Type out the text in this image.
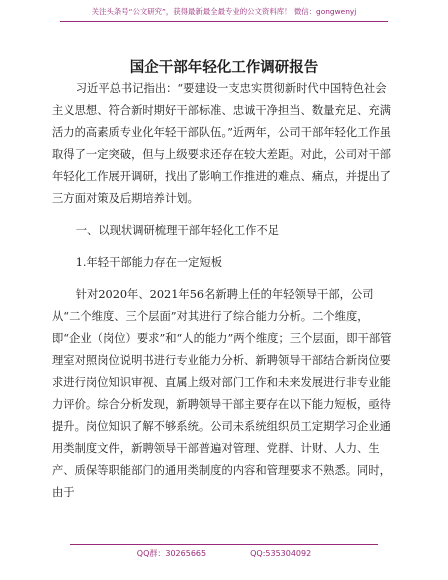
关注头条号“公文研究”，获得最新最全最专业的公文资料库！ 微信：gongwenyj
国企干部年轻化工作调研报告

习近平总书记指出：“要建设一支忠实贯彻新时代中国特色社会主义思想、符合新时期好干部标准、忠诚干净担当、数量充足、充满活力的高素质专业化年轻干部队伍。”近两年，公司干部年轻化工作虽取得了一定突破，但与上级要求还存在较大差距。对此，公司对干部年轻化工作展开调研，找出了影响工作推进的难点、痛点，并提出了三方面对策及后期培养计划。

一、以现状调研梳理干部年轻化工作不足

1.年轻干部能力存在一定短板

针对2020年、2021年56名新聘上任的年轻领导干部，公司从“二个维度、三个层面”对其进行了综合能力分析。二个维度，即“企业（岗位）要求”和“人的能力”两个维度；三个层面，即干部管理室对照岗位说明书进行专业能力分析、新聘领导干部结合新岗位要求进行岗位知识审视、直属上级对部门工作和未来发展进行非专业能力评价。综合分析发现，新聘领导干部主要存在以下能力短板，亟待提升。岗位知识了解不够系统。公司未系统组织员工定期学习企业通用类制度文件，新聘领导干部普遍对管理、党群、计财、人力、生产、质保等职能部门的通用类制度的内容和管理要求不熟悉。同时，由于

QQ群：30265665	QQ:535304092
